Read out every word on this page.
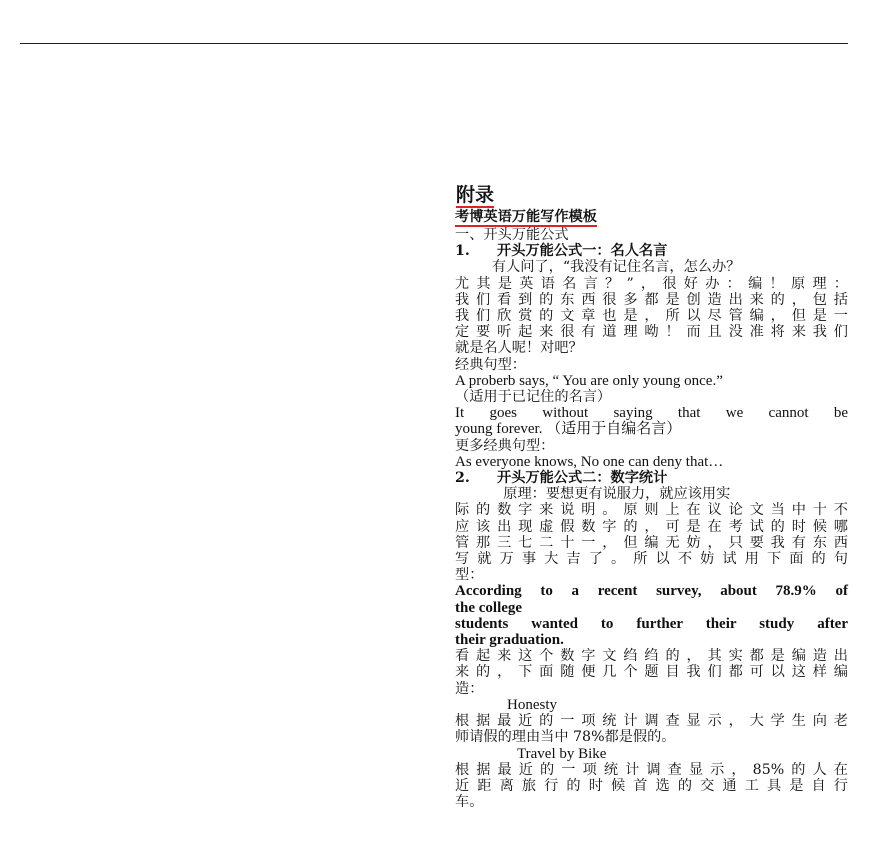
附录
考博英语万能写作模板

一、开头万能公式

1. 开头万能公式一：名人名言

有人问了，“我没有记住名言，怎么办？

尤其是英语名言？”，很好办：编！原理：

我们看到的东西很多都是创造出来的，包括

我们欣赏的文章也是，所以尽管编，但是一

定要听起来很有道理呦！而且没准将来我们

就是名人呢！对吧？

经典句型：

A proberb says, “ You are only young once.”

（适用于已记住的名言）

It goes without saying that we cannot be

young forever. （适用于自编名言）

更多经典句型：

As everyone knows, No one can deny that…

2. 开头万能公式二：数字统计

原理：要想更有说服力，就应该用实

际的数字来说明。原则上在议论文当中十不

应该出现虚假数字的，可是在考试的时候哪

管那三七二十一，但编无妨，只要我有东西

写就万事大吉了。所以不妨试用下面的句

型：

According to a recent survey, about 78.9% of

the college

students wanted to further their study after

their graduation.

看起来这个数字文绉绉的，其实都是编造出

来的，下面随便几个题目我们都可以这样编

造：

Honesty

根据最近的一项统计调查显示，大学生向老

师请假的理由当中 78%都是假的。

Travel by Bike

根据最近的一项统计调查显示，85%的人在

近距离旅行的时候首选的交通工具是自行

车。
